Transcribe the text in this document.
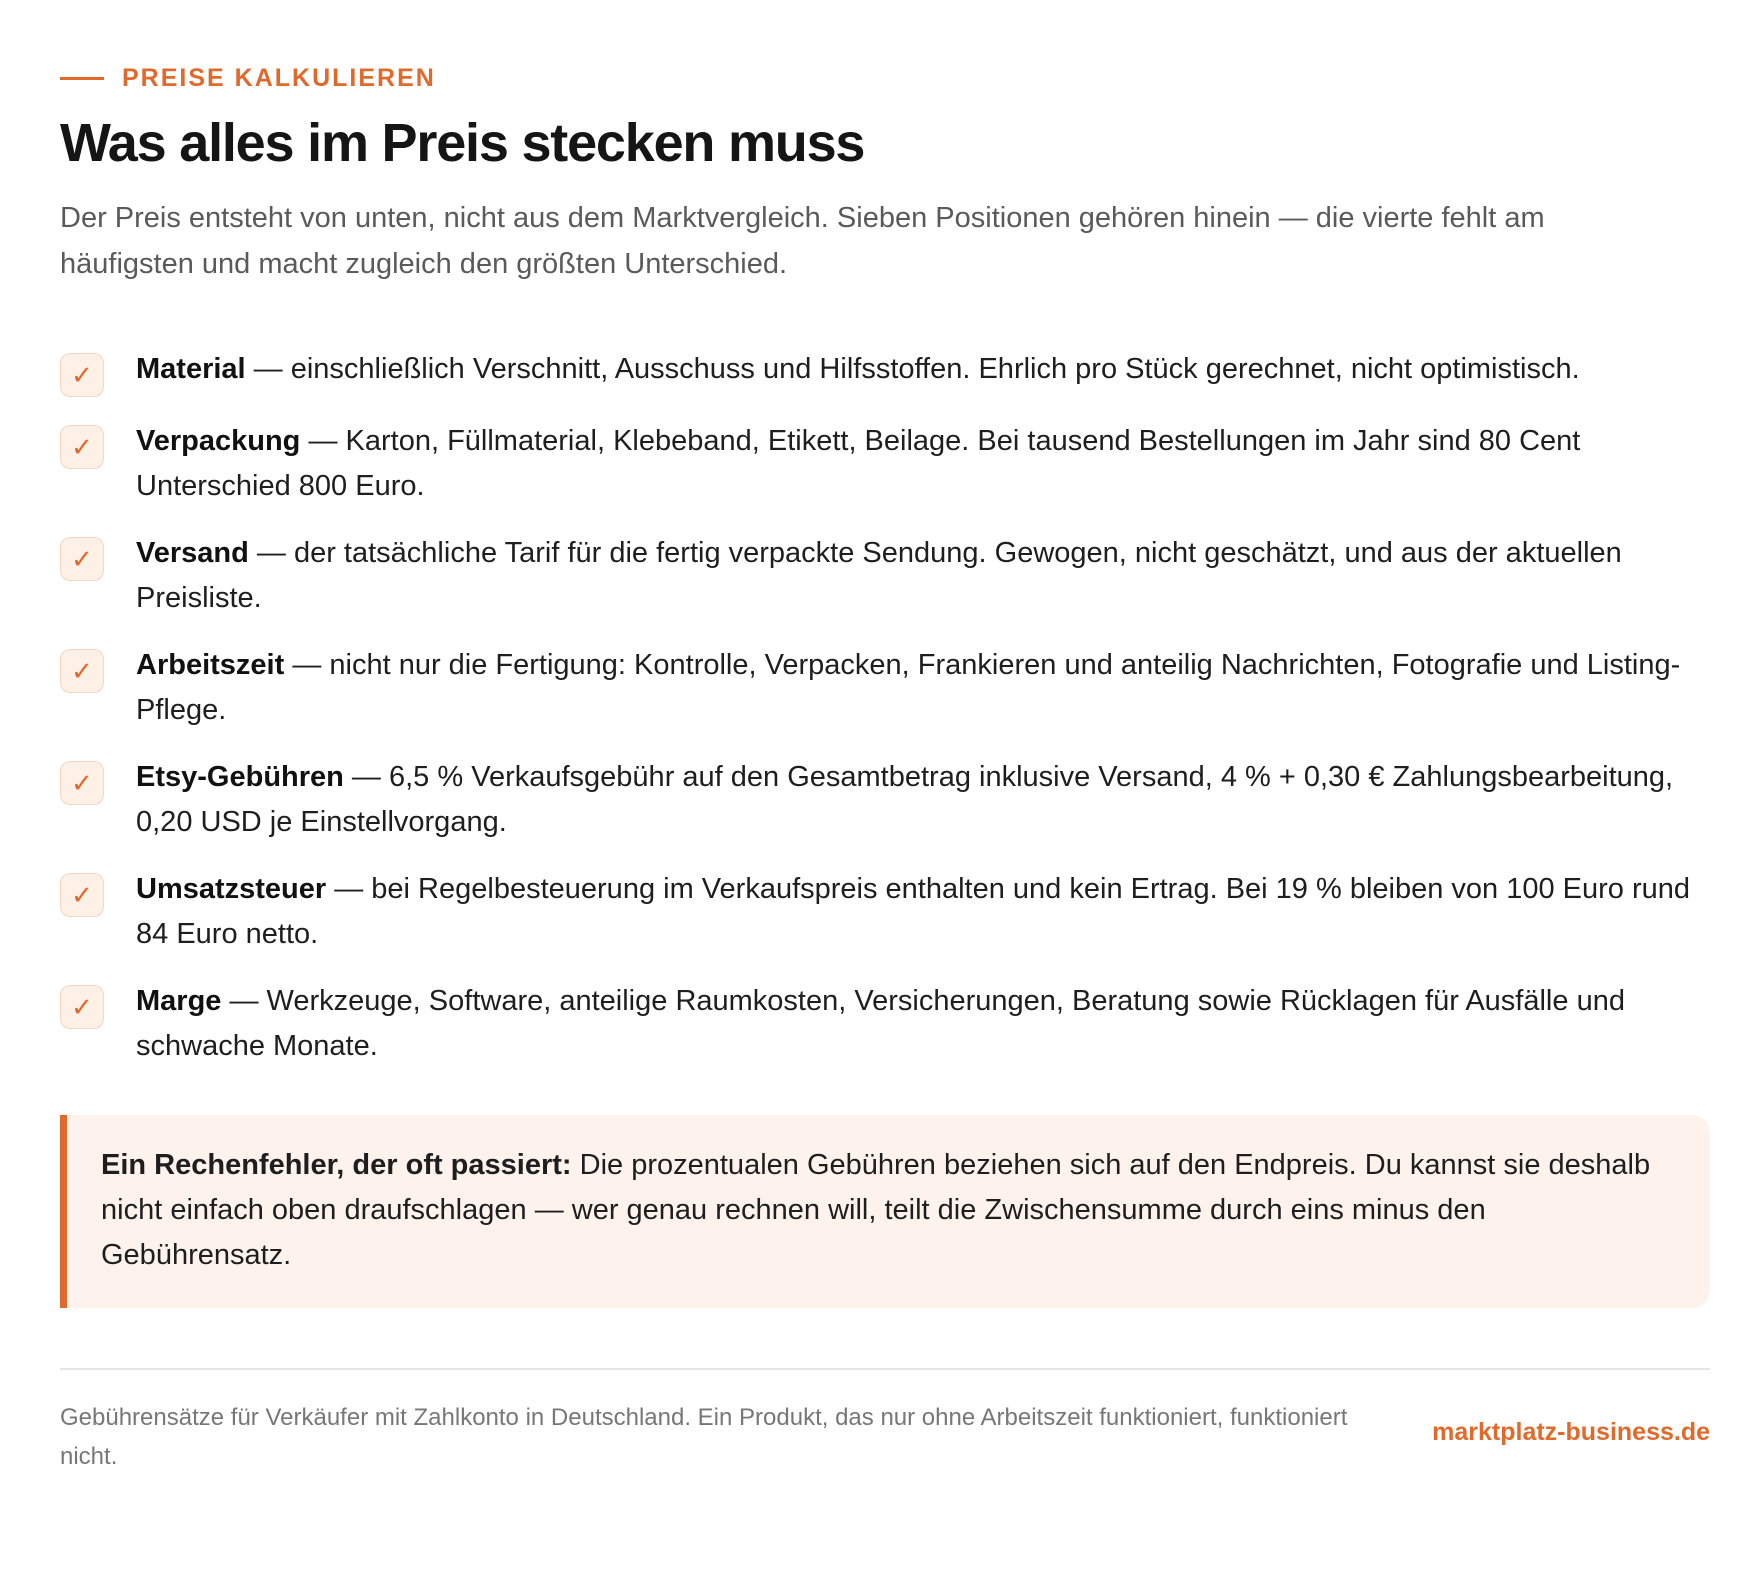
PREISE KALKULIEREN
Was alles im Preis stecken muss

Der Preis entsteht von unten, nicht aus dem Marktvergleich. Sieben Positionen gehören hinein — die vierte fehlt am häufigsten und macht zugleich den größten Unterschied.

✓	Material — einschließlich Verschnitt, Ausschuss und Hilfsstoffen. Ehrlich pro Stück gerechnet, nicht optimistisch.

✓	Verpackung — Karton, Füllmaterial, Klebeband, Etikett, Beilage. Bei tausend Bestellungen im Jahr sind 80 Cent Unterschied 800 Euro.

✓	Versand — der tatsächliche Tarif für die fertig verpackte Sendung. Gewogen, nicht geschätzt, und aus der aktuellen Preisliste.

✓	Arbeitszeit — nicht nur die Fertigung: Kontrolle, Verpacken, Frankieren und anteilig Nachrichten, Fotografie und Listing-Pflege.

✓	Etsy-Gebühren — 6,5 % Verkaufsgebühr auf den Gesamtbetrag inklusive Versand, 4 % + 0,30 € Zahlungsbearbeitung, 0,20 USD je Einstellvorgang.

✓	Umsatzsteuer — bei Regelbesteuerung im Verkaufspreis enthalten und kein Ertrag. Bei 19 % bleiben von 100 Euro rund 84 Euro netto.

✓	Marge — Werkzeuge, Software, anteilige Raumkosten, Versicherungen, Beratung sowie Rücklagen für Ausfälle und schwache Monate.

Ein Rechenfehler, der oft passiert: Die prozentualen Gebühren beziehen sich auf den Endpreis. Du kannst sie deshalb nicht einfach oben draufschlagen — wer genau rechnen will, teilt die Zwischensumme durch eins minus den Gebührensatz.

Gebührensätze für Verkäufer mit Zahlkonto in Deutschland. Ein Produkt, das nur ohne Arbeitszeit funktioniert, funktioniert nicht.

marktplatz-business.de
